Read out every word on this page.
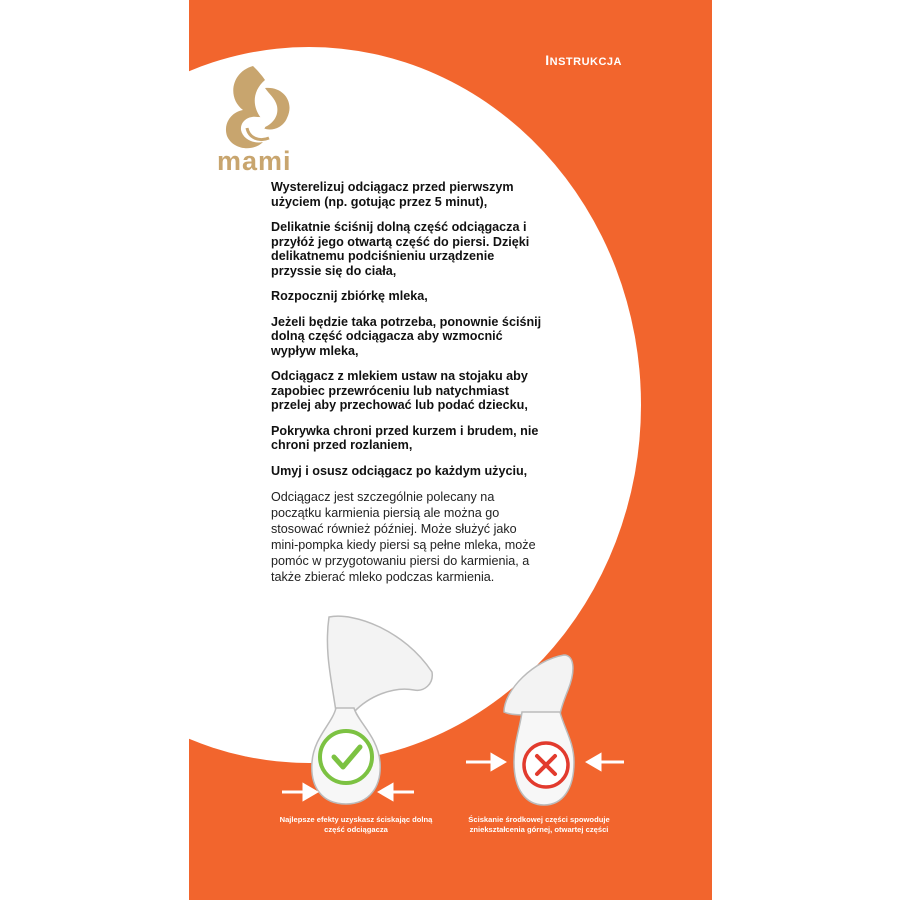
INSTRUKCJA
mami

Wysterelizuj odciągacz przed pierwszym użyciem (np. gotując przez 5 minut),

Delikatnie ściśnij dolną część odciągacza i przyłóż jego otwartą część do piersi. Dzięki delikatnemu podciśnieniu urządzenie przyssie się do ciała,

Rozpocznij zbiórkę mleka,

Jeżeli będzie taka potrzeba, ponownie ściśnij dolną część odciągacza aby wzmocnić wypływ mleka,

Odciągacz z mlekiem ustaw na stojaku aby zapobiec przewróceniu lub natychmiast przelej aby przechować lub podać dziecku,

Pokrywka chroni przed kurzem i brudem, nie chroni przed rozlaniem,

Umyj i osusz odciągacz po każdym użyciu,

Odciągacz jest szczególnie polecany na początku karmienia piersią ale można go stosować również później. Może służyć jako mini-pompka kiedy piersi są pełne mleka, może pomóc w przygotowaniu piersi do karmienia, a także zbierać mleko podczas karmienia.

Najlepsze efekty uzyskasz ściskając dolną część odciągacza
Ściskanie środkowej części spowoduje zniekształcenia górnej, otwartej części
